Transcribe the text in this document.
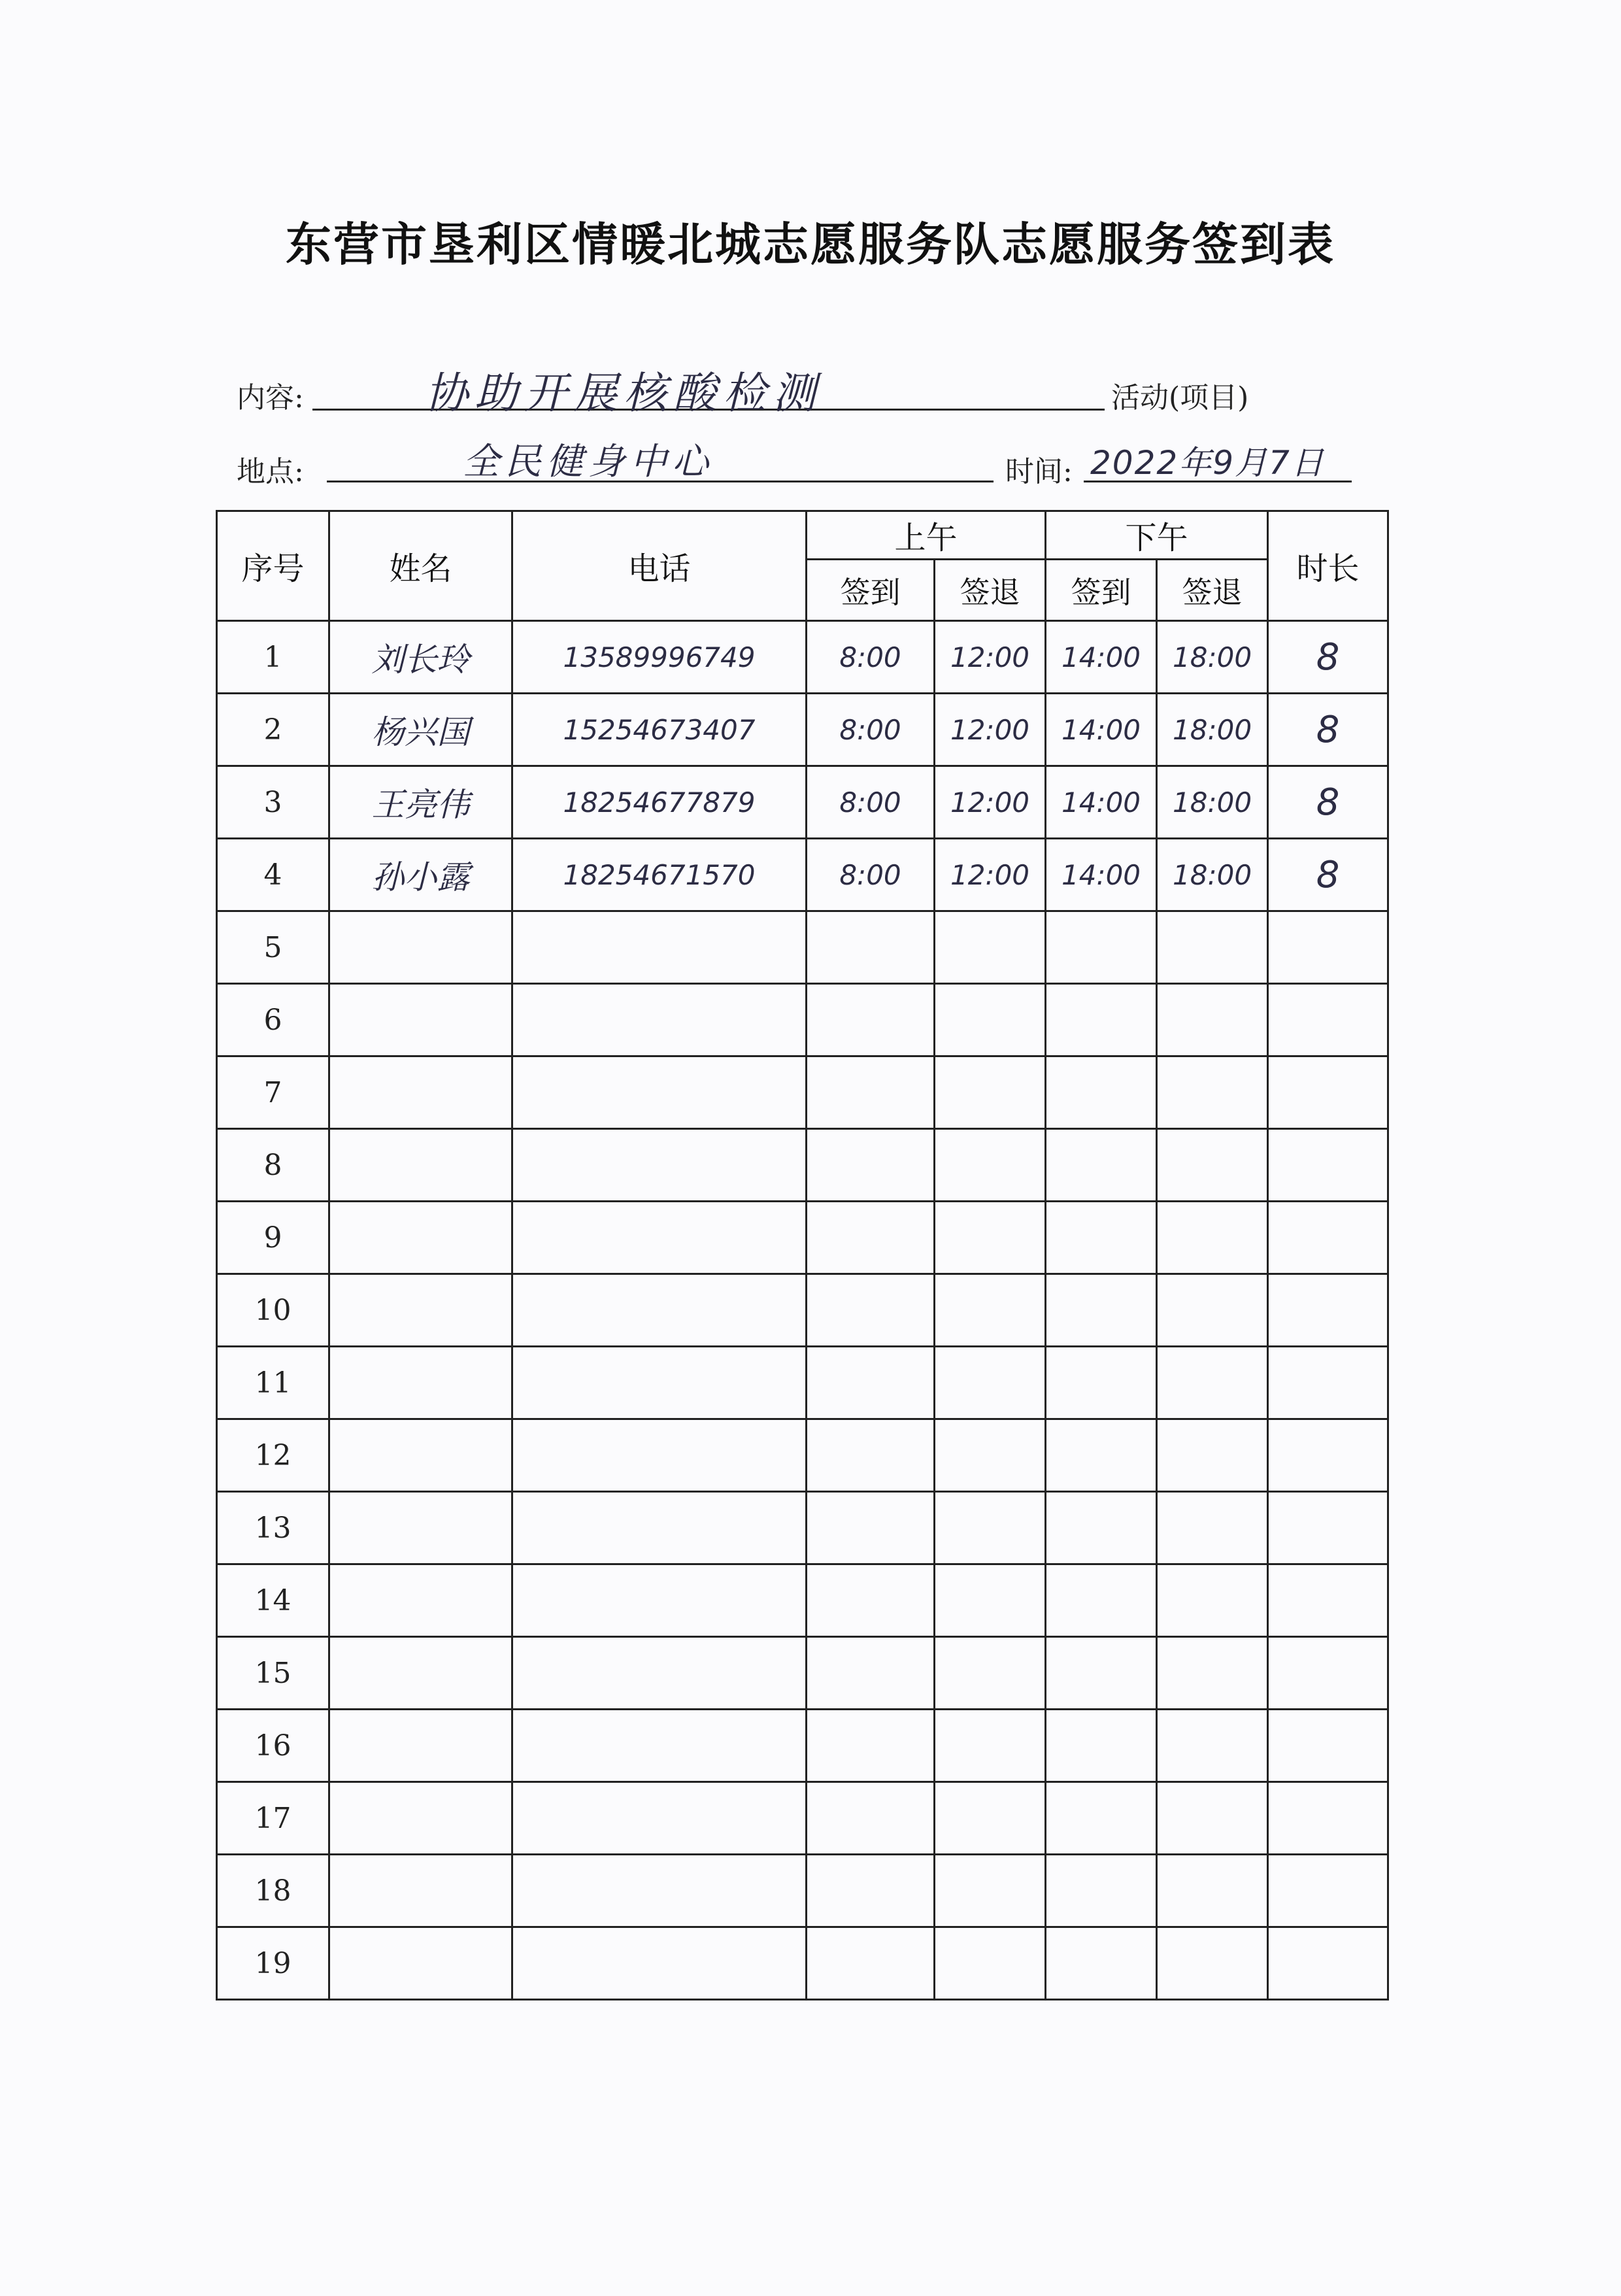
东营市垦利区情暖北城志愿服务队志愿服务签到表
内容:	协助开展核酸检测	活动(项目)
地点:	全民健身中心	时间: 2022年9月7日
序号	姓名	电话	上午		下午		时长
			签到	签退	签到	签退	
1	刘长玲	13589996749	8:00	12:00	14:00	18:00	8
2	杨兴国	15254673407	8:00	12:00	14:00	18:00	8
3	王亮伟	18254677879	8:00	12:00	14:00	18:00	8
4	孙小露	18254671570	8:00	12:00	14:00	18:00	8
5							
6							
7							
8							
9							
10							
11							
12							
13							
14							
15							
16							
17							
18							
19							
